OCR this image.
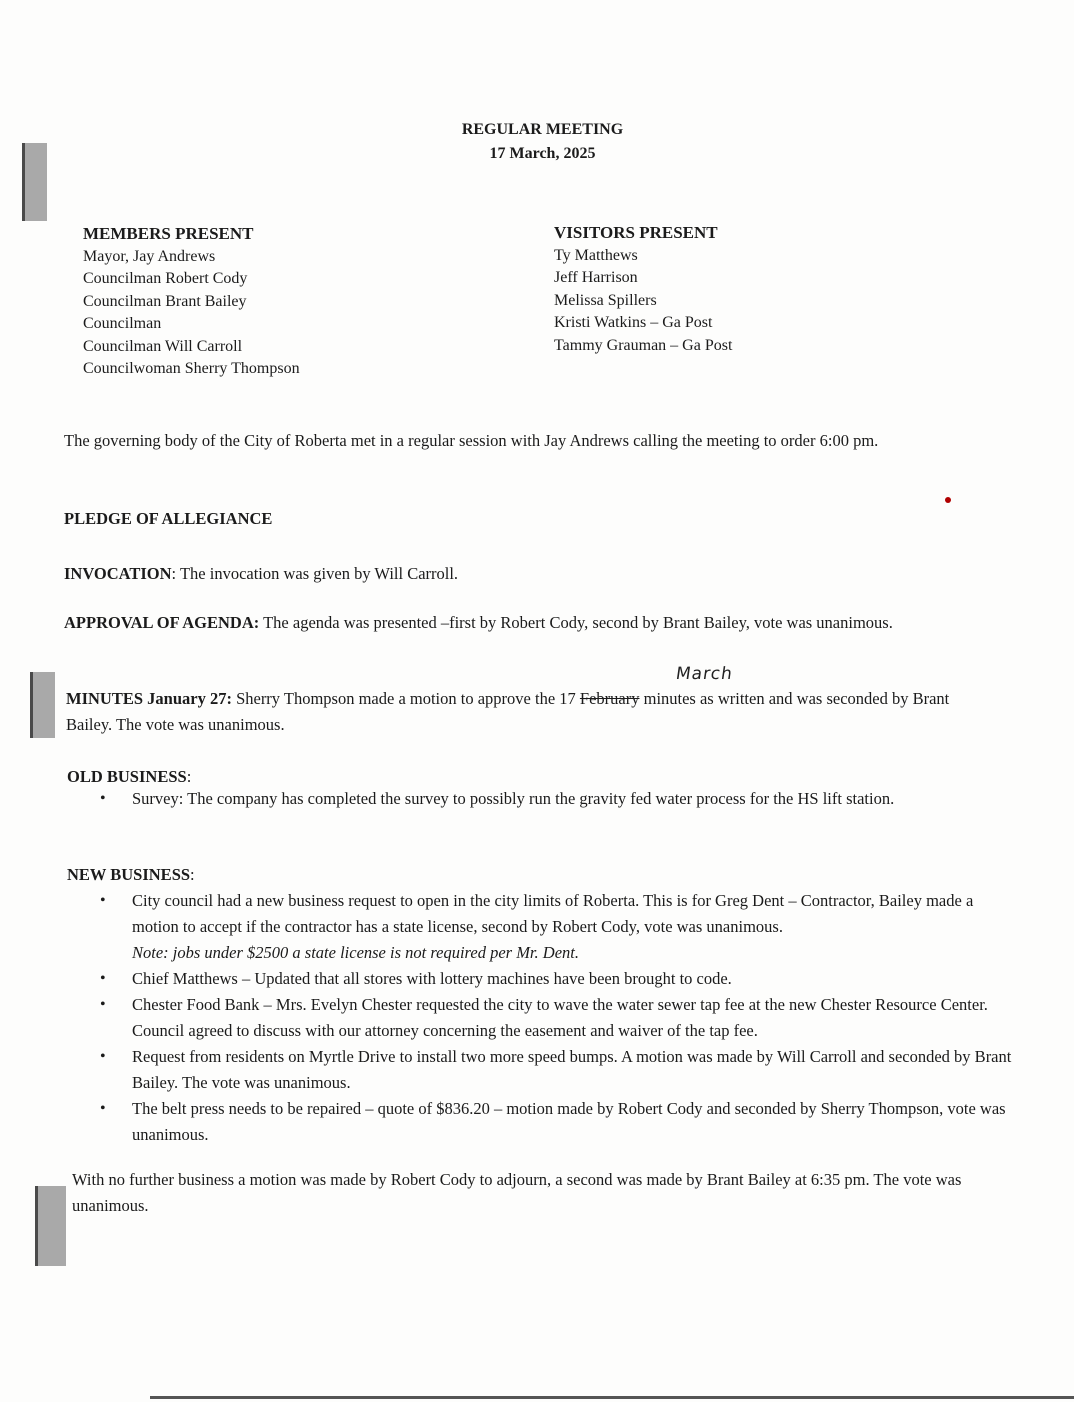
REGULAR MEETING
17 March, 2025
MEMBERS PRESENT
Mayor, Jay Andrews
Councilman Robert Cody
Councilman Brant Bailey
Councilman
Councilman Will Carroll
Councilwoman Sherry Thompson
VISITORS PRESENT
Ty Matthews
Jeff Harrison
Melissa Spillers
Kristi Watkins – Ga Post
Tammy Grauman – Ga Post
The governing body of the City of Roberta met in a regular session with Jay Andrews calling the meeting to order 6:00 pm.
PLEDGE OF ALLEGIANCE
INVOCATION: The invocation was given by Will Carroll.
APPROVAL OF AGENDA: The agenda was presented –first by Robert Cody, second by Brant Bailey, vote was unanimous.
March
MINUTES January 27: Sherry Thompson made a motion to approve the 17 February minutes as written and was seconded by Brant Bailey. The vote was unanimous.
OLD BUSINESS:
• Survey: The company has completed the survey to possibly run the gravity fed water process for the HS lift station.
NEW BUSINESS:
• City council had a new business request to open in the city limits of Roberta. This is for Greg Dent – Contractor, Bailey made a motion to accept if the contractor has a state license, second by Robert Cody, vote was unanimous.
Note: jobs under $2500 a state license is not required per Mr. Dent.
• Chief Matthews – Updated that all stores with lottery machines have been brought to code.
• Chester Food Bank – Mrs. Evelyn Chester requested the city to wave the water sewer tap fee at the new Chester Resource Center. Council agreed to discuss with our attorney concerning the easement and waiver of the tap fee.
• Request from residents on Myrtle Drive to install two more speed bumps. A motion was made by Will Carroll and seconded by Brant Bailey. The vote was unanimous.
• The belt press needs to be repaired – quote of $836.20 – motion made by Robert Cody and seconded by Sherry Thompson, vote was unanimous.
With no further business a motion was made by Robert Cody to adjourn, a second was made by Brant Bailey at 6:35 pm. The vote was unanimous.
